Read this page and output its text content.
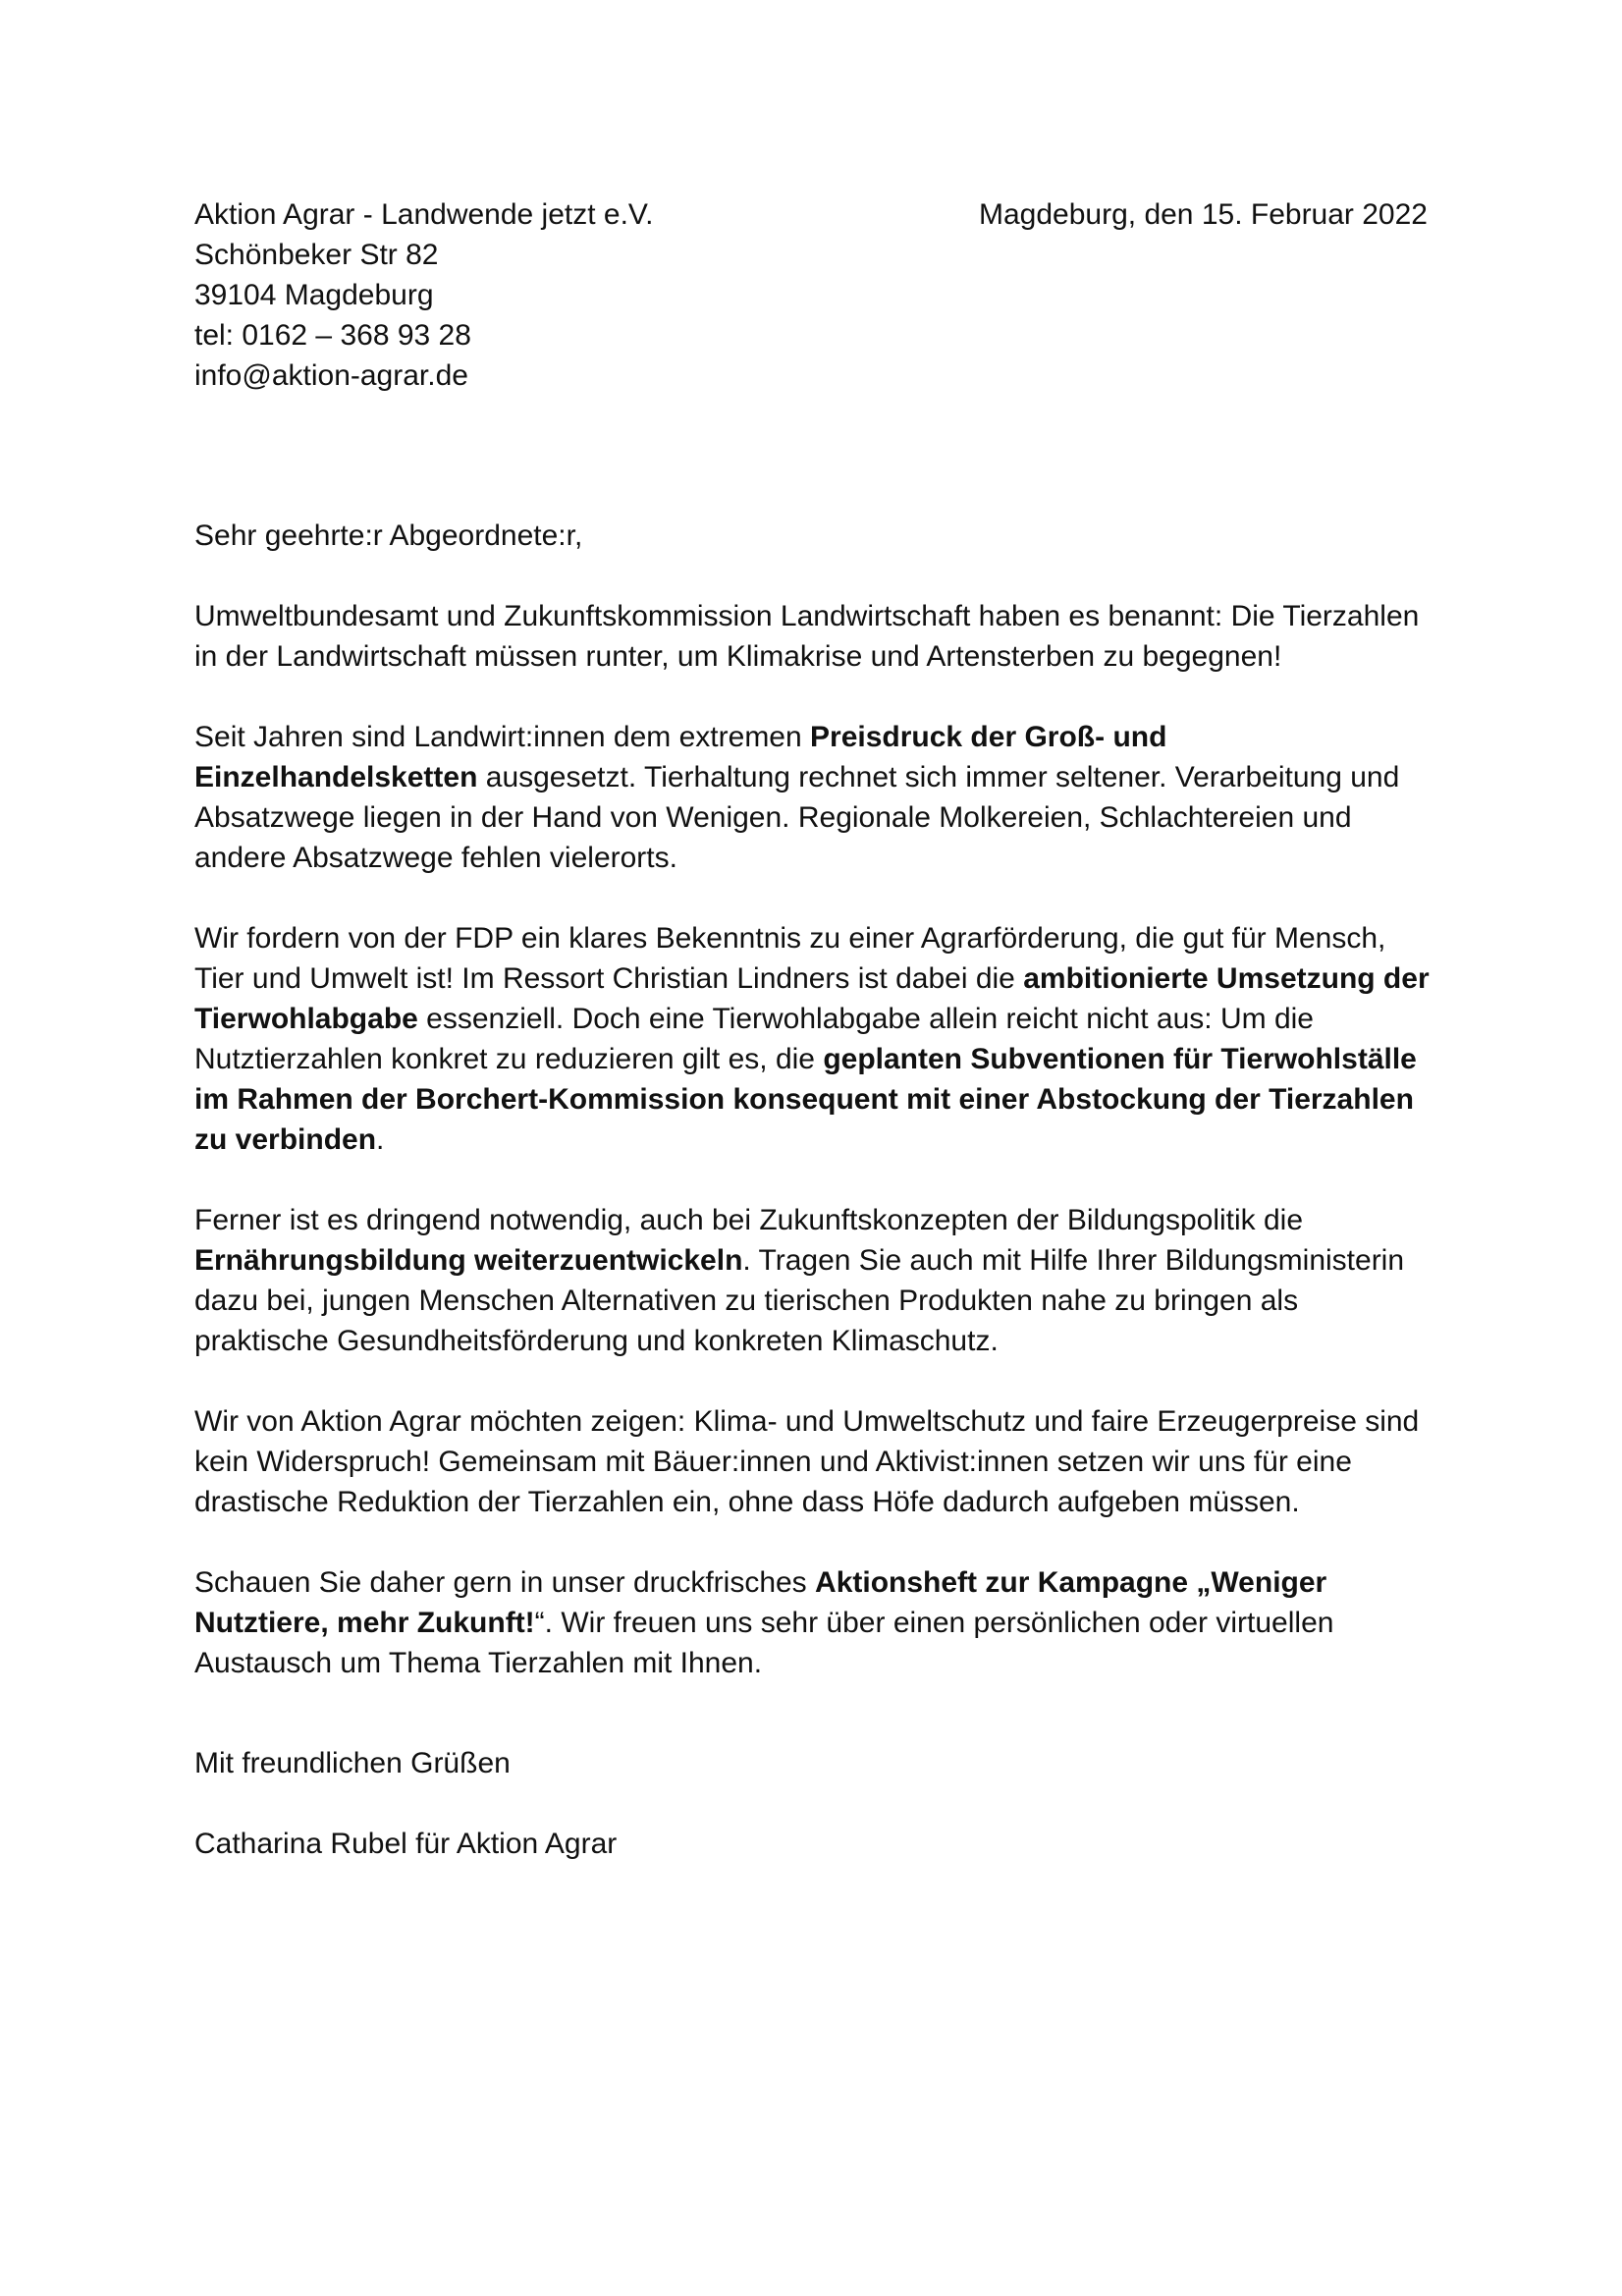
Aktion Agrar - Landwende jetzt e.V.
Schönbeker Str 82
39104 Magdeburg
tel: 0162 – 368 93 28
info@aktion-agrar.de
Magdeburg, den 15. Februar 2022

Sehr geehrte:r Abgeordnete:r,

Umweltbundesamt und Zukunftskommission Landwirtschaft haben es benannt: Die Tierzahlen in der Landwirtschaft müssen runter, um Klimakrise und Artensterben zu begegnen!

Seit Jahren sind Landwirt:innen dem extremen Preisdruck der Groß- und Einzelhandelsketten ausgesetzt. Tierhaltung rechnet sich immer seltener. Verarbeitung und Absatzwege liegen in der Hand von Wenigen. Regionale Molkereien, Schlachtereien und andere Absatzwege fehlen vielerorts.

Wir fordern von der FDP ein klares Bekenntnis zu einer Agrarförderung, die gut für Mensch, Tier und Umwelt ist! Im Ressort Christian Lindners ist dabei die ambitionierte Umsetzung der Tierwohlabgabe essenziell. Doch eine Tierwohlabgabe allein reicht nicht aus: Um die Nutztierzahlen konkret zu reduzieren gilt es, die geplanten Subventionen für Tierwohlställe im Rahmen der Borchert-Kommission konsequent mit einer Abstockung der Tierzahlen zu verbinden.

Ferner ist es dringend notwendig, auch bei Zukunftskonzepten der Bildungspolitik die Ernährungsbildung weiterzuentwickeln. Tragen Sie auch mit Hilfe Ihrer Bildungsministerin dazu bei, jungen Menschen Alternativen zu tierischen Produkten nahe zu bringen als praktische Gesundheitsförderung und konkreten Klimaschutz.

Wir von Aktion Agrar möchten zeigen: Klima- und Umweltschutz und faire Erzeugerpreise sind kein Widerspruch! Gemeinsam mit Bäuer:innen und Aktivist:innen setzen wir uns für eine drastische Reduktion der Tierzahlen ein, ohne dass Höfe dadurch aufgeben müssen.

Schauen Sie daher gern in unser druckfrisches Aktionsheft zur Kampagne „Weniger Nutztiere, mehr Zukunft!“. Wir freuen uns sehr über einen persönlichen oder virtuellen Austausch um Thema Tierzahlen mit Ihnen.

Mit freundlichen Grüßen
Catharina Rubel für Aktion Agrar
